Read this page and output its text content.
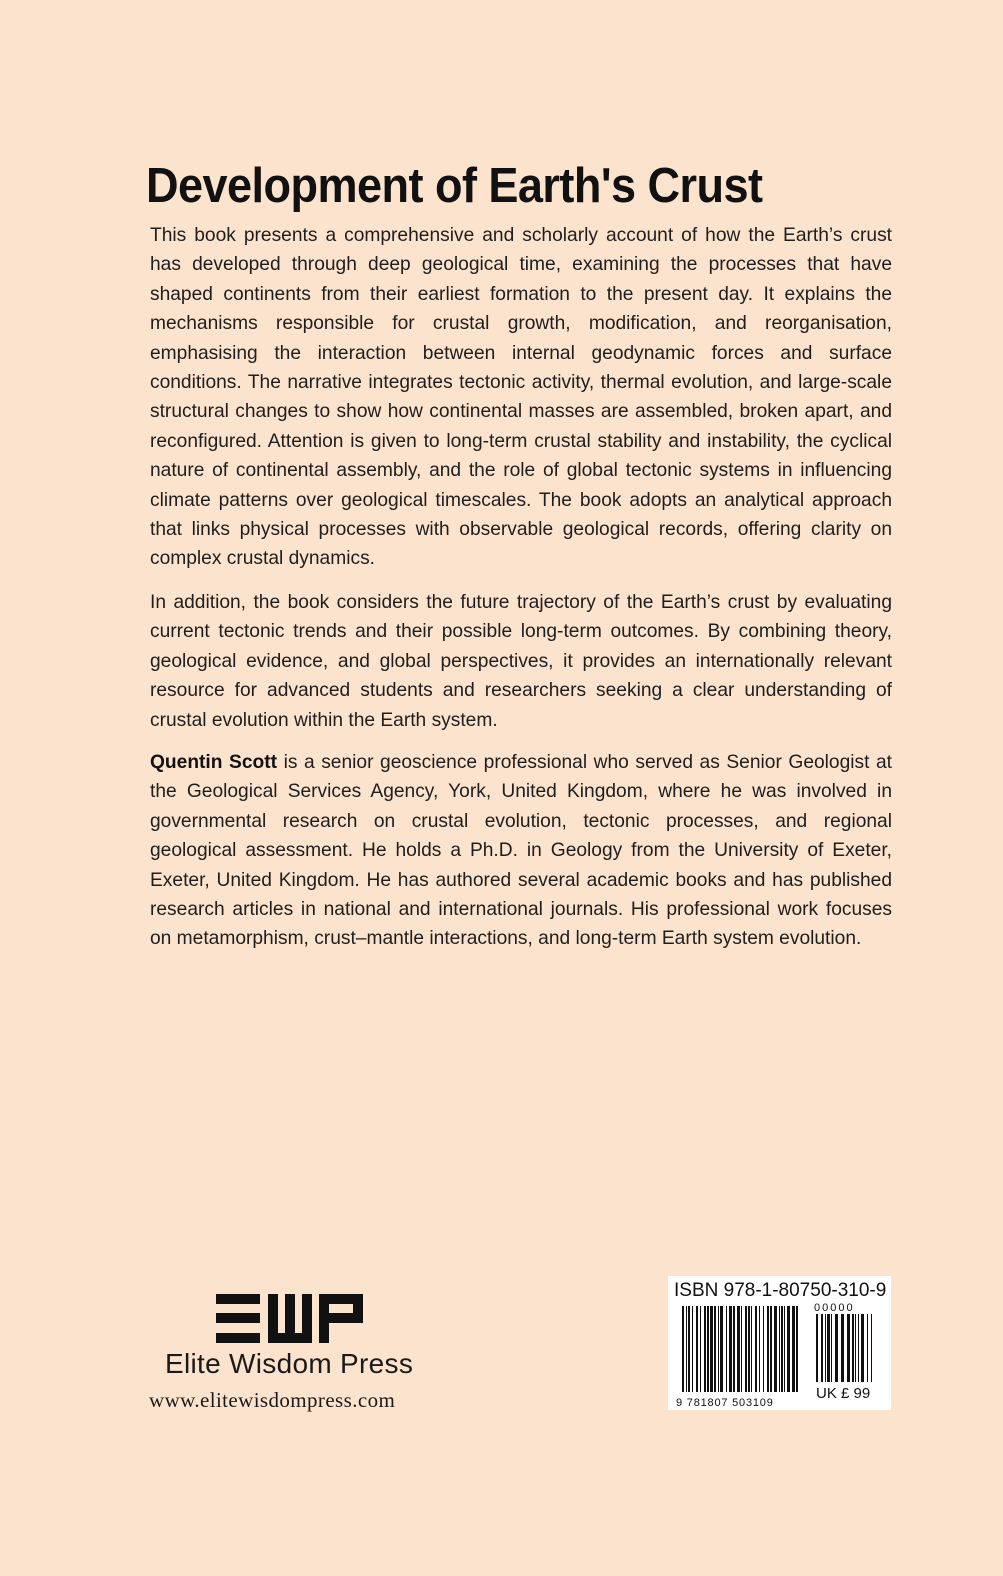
Development of Earth's Crust

This book presents a comprehensive and scholarly account of how the Earth’s crust has developed through deep geological time, examining the processes that have shaped continents from their earliest formation to the present day. It explains the mechanisms responsible for crustal growth, modification, and reorganisation, emphasising the interaction between internal geodynamic forces and surface conditions. The narrative integrates tectonic activity, thermal evolution, and large-scale structural changes to show how continental masses are assembled, broken apart, and reconfigured. Attention is given to long-term crustal stability and instability, the cyclical nature of continental assembly, and the role of global tectonic systems in influencing climate patterns over geological timescales. The book adopts an analytical approach that links physical processes with observable geological records, offering clarity on complex crustal dynamics.

In addition, the book considers the future trajectory of the Earth’s crust by evaluating current tectonic trends and their possible long-term outcomes. By combining theory, geological evidence, and global perspectives, it provides an internationally relevant resource for advanced students and researchers seeking a clear understanding of crustal evolution within the Earth system.

Quentin Scott is a senior geoscience professional who served as Senior Geologist at the Geological Services Agency, York, United Kingdom, where he was involved in governmental research on crustal evolution, tectonic processes, and regional geological assessment. He holds a Ph.D. in Geology from the University of Exeter, Exeter, United Kingdom. He has authored several academic books and has published research articles in national and international journals. His professional work focuses on metamorphism, crust–mantle interactions, and long-term Earth system evolution.

Elite Wisdom Press
www.elitewisdompress.com
ISBN 978-1-80750-310-9
00000
9 781807 503109
UK £ 99
